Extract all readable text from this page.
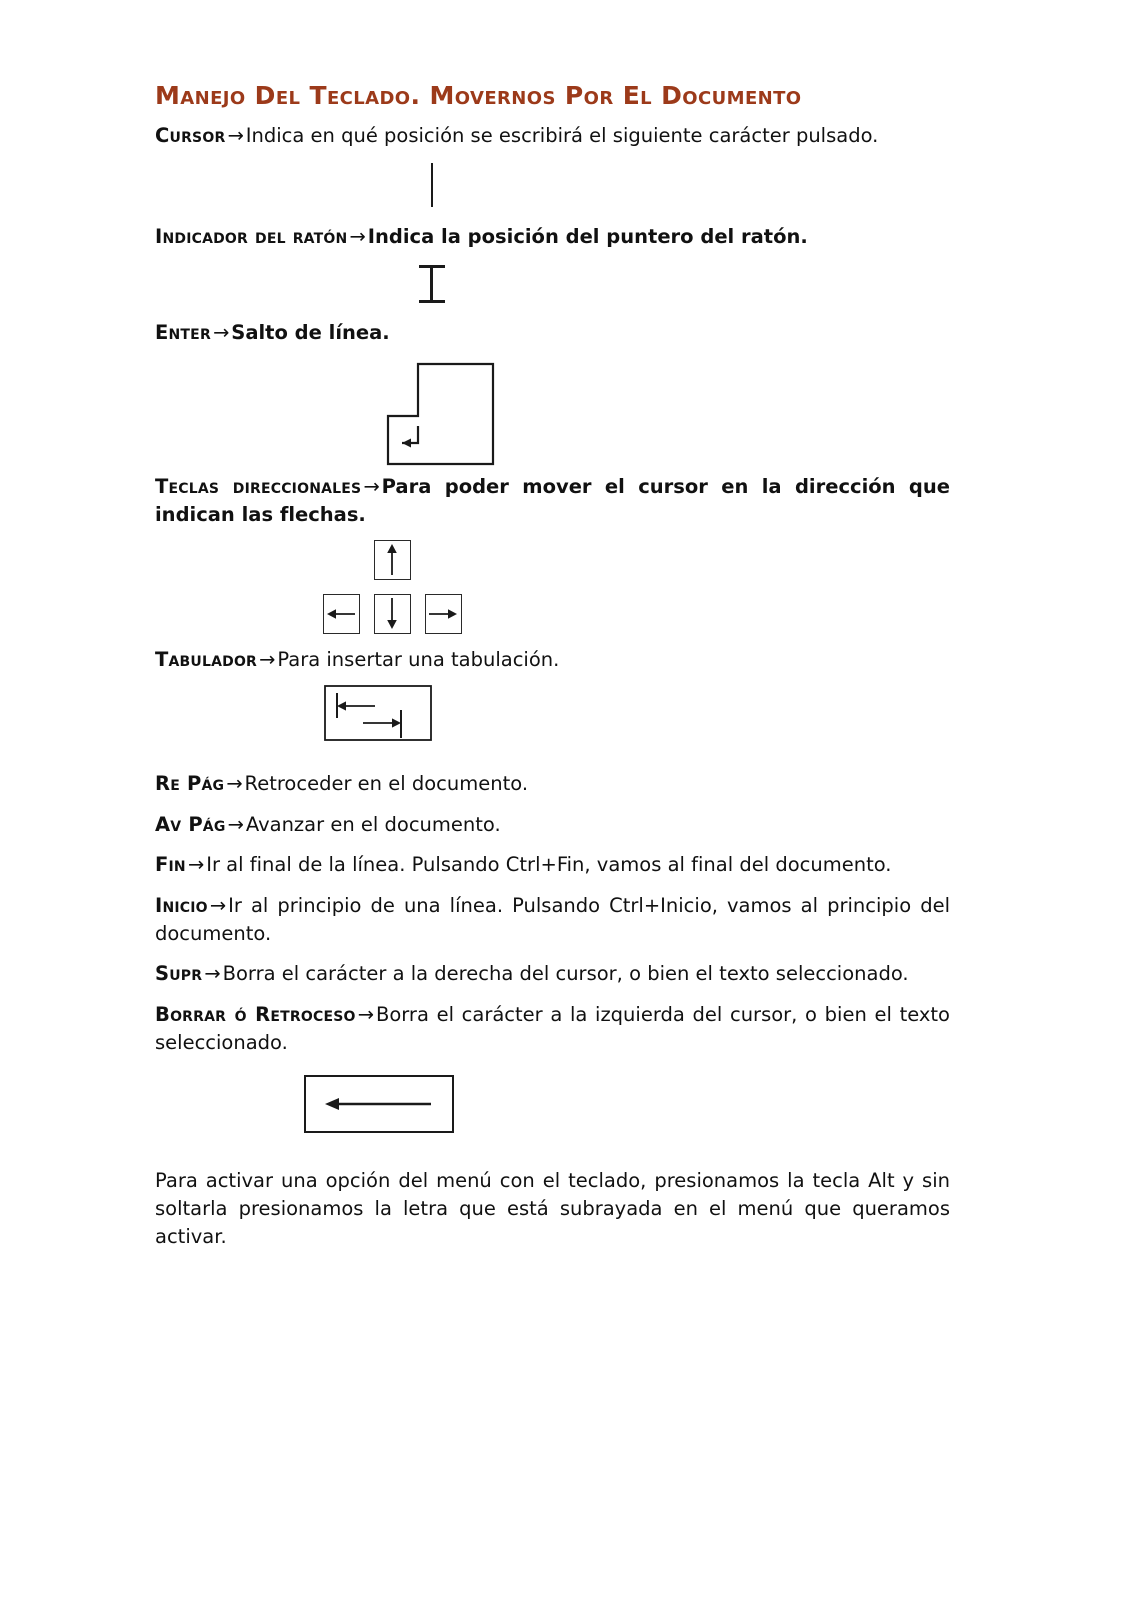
Manejo Del Teclado. Movernos Por El Documento

Cursor → Indica en qué posición se escribirá el siguiente carácter pulsado.

Indicador del ratón → Indica la posición del puntero del ratón.

Enter → Salto de línea.

Teclas direccionales → Para poder mover el cursor en la dirección que indican las flechas.

Tabulador → Para insertar una tabulación.

Re Pág → Retroceder en el documento.

Av Pág → Avanzar en el documento.

Fin → Ir al final de la línea. Pulsando Ctrl+Fin, vamos al final del documento.

Inicio → Ir al principio de una línea. Pulsando Ctrl+Inicio, vamos al principio del documento.

Supr → Borra el carácter a la derecha del cursor, o bien el texto seleccionado.

Borrar ó Retroceso → Borra el carácter a la izquierda del cursor, o bien el texto seleccionado.

Para activar una opción del menú con el teclado, presionamos la tecla Alt y sin soltarla presionamos la letra que está subrayada en el menú que queramos activar.
